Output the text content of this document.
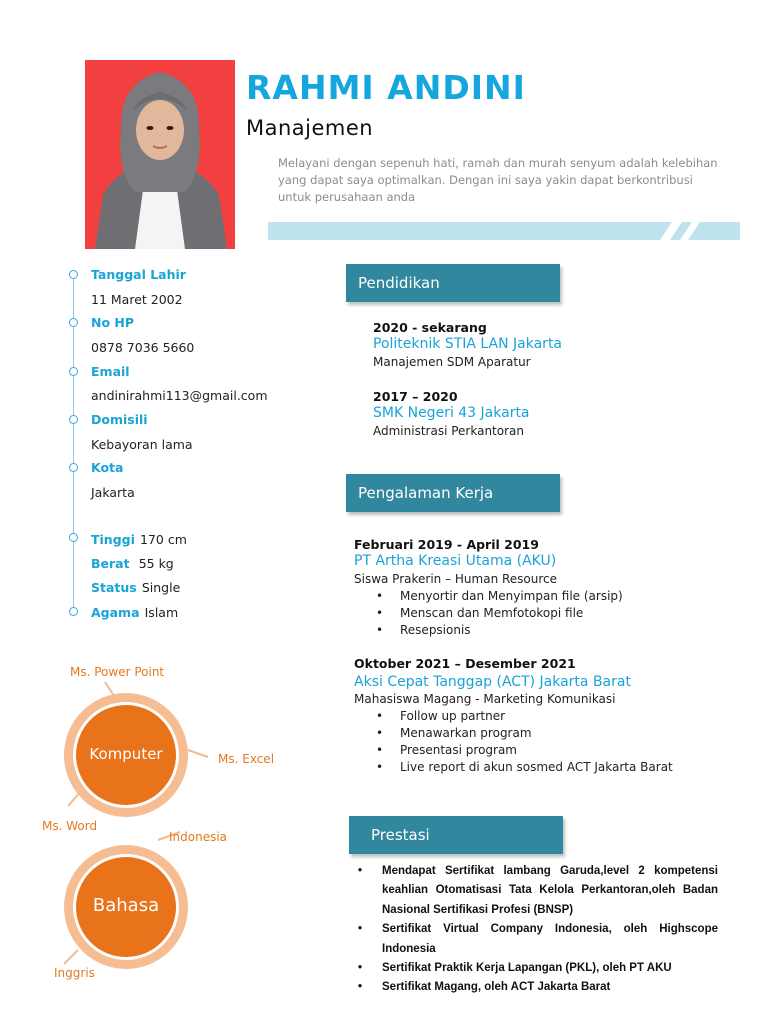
RAHMI ANDINI
Manajemen
Melayani dengan sepenuh hati, ramah dan murah senyum adalah kelebihan yang dapat saya optimalkan. Dengan ini saya yakin dapat berkontribusi untuk perusahaan anda
Tanggal Lahir
11 Maret 2002
No HP
0878 7036 5660
Email
andinirahmi113@gmail.com
Domisili
Kebayoran lama
Kota
Jakarta
Tinggi 170 cm
Berat 55 kg
Status Single
Agama Islam
Ms. Power Point
Ms. Excel
Ms. Word
Komputer
Indonesia
Inggris
Bahasa
Pendidikan
2020 - sekarang
Politeknik STIA LAN Jakarta
Manajemen SDM Aparatur
2017 – 2020
SMK Negeri 43 Jakarta
Administrasi Perkantoran
Pengalaman Kerja
Februari 2019 - April 2019
PT Artha Kreasi Utama (AKU)
Siswa Prakerin – Human Resource
• Menyortir dan Menyimpan file (arsip)
• Menscan dan Memfotokopi file
• Resepsionis
Oktober 2021 – Desember 2021
Aksi Cepat Tanggap (ACT) Jakarta Barat
Mahasiswa Magang - Marketing Komunikasi
• Follow up partner
• Menawarkan program
• Presentasi program
• Live report di akun sosmed ACT Jakarta Barat
Prestasi
• Mendapat Sertifikat lambang Garuda,level 2 kompetensi keahlian Otomatisasi Tata Kelola Perkantoran,oleh Badan Nasional Sertifikasi Profesi (BNSP)
• Sertifikat Virtual Company Indonesia, oleh Highscope Indonesia
• Sertifikat Praktik Kerja Lapangan (PKL), oleh PT AKU
• Sertifikat Magang, oleh ACT Jakarta Barat
